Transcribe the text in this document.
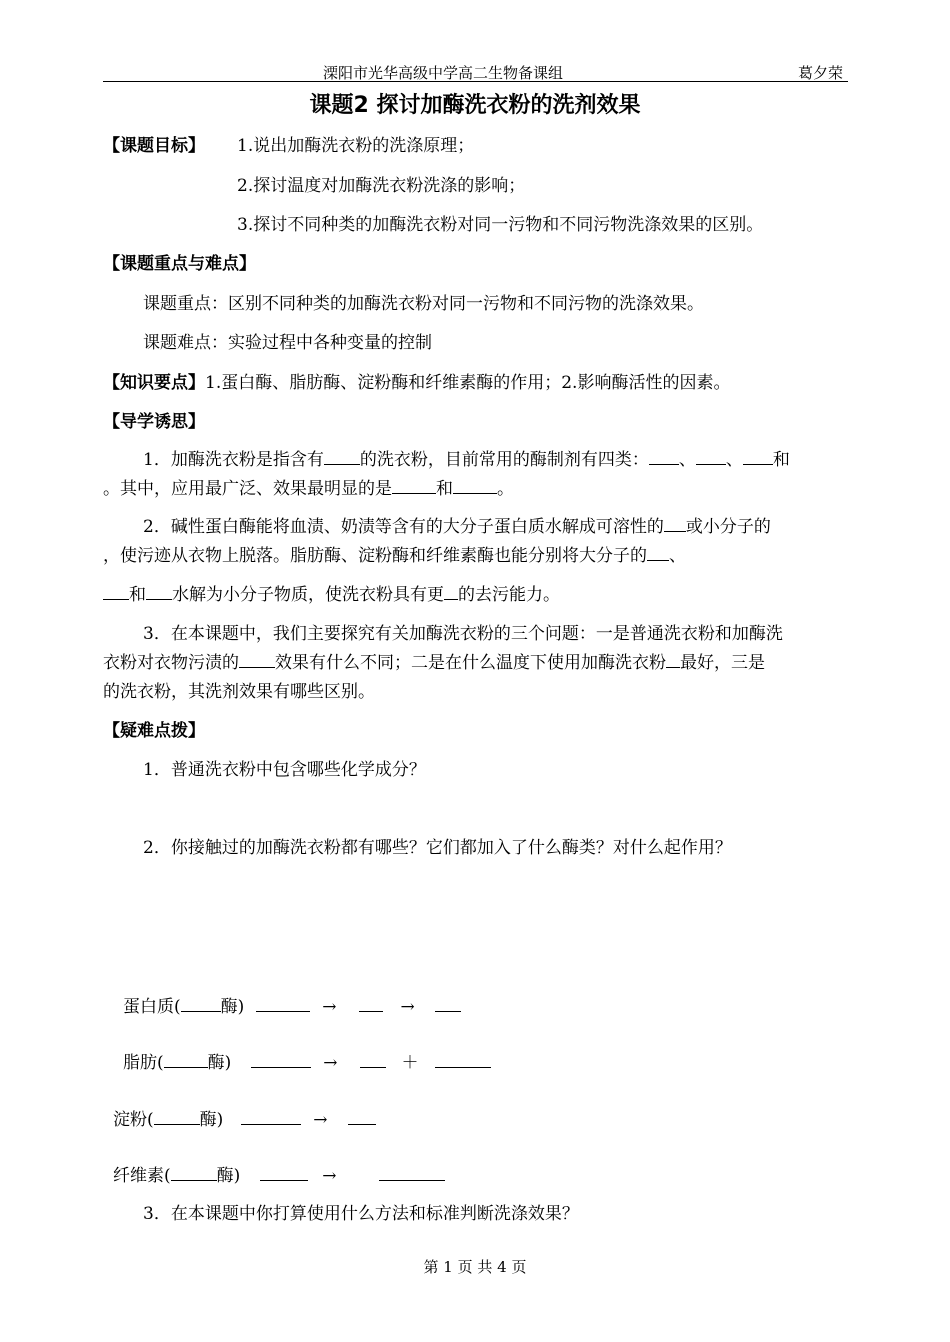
溧阳市光华高级中学高二生物备课组	葛夕荣
课题2 探讨加酶洗衣粉的洗剂效果
【课题目标】 1.说出加酶洗衣粉的洗涤原理；
2.探讨温度对加酶洗衣粉洗涤的影响；
3.探讨不同种类的加酶洗衣粉对同一污物和不同污物洗涤效果的区别。
【课题重点与难点】
课题重点：区别不同种类的加酶洗衣粉对同一污物和不同污物的洗涤效果。
课题难点：实验过程中各种变量的控制
【知识要点】1.蛋白酶、脂肪酶、淀粉酶和纤维素酶的作用；2.影响酶活性的因素。
【导学诱思】
1．加酶洗衣粉是指含有 的洗衣粉，目前常用的酶制剂有四类： 、 、 和
。其中，应用最广泛、效果最明显的是	和	。
2．碱性蛋白酶能将血渍、奶渍等含有的大分子蛋白质水解成可溶性的 或小分子的
，使污迹从衣物上脱落。脂肪酶、淀粉酶和纤维素酶也能分别将大分子的 、
和 水解为小分子物质，使洗衣粉具有更 的去污能力。
3．在本课题中，我们主要探究有关加酶洗衣粉的三个问题：一是普通洗衣粉和加酶洗
衣粉对衣物污渍的 效果有什么不同；二是在什么温度下使用加酶洗衣粉 最好，三是
的洗衣粉，其洗剂效果有哪些区别。
【疑难点拨】
1．普通洗衣粉中包含哪些化学成分？
2．你接触过的加酶洗衣粉都有哪些？它们都加入了什么酶类？对什么起作用？
蛋白质( 酶)	→	→
脂肪(	酶)	→	＋
淀粉(	酶)	→
纤维素(	酶)	→
3．在本课题中你打算使用什么方法和标准判断洗涤效果？
第 1 页 共 4 页
